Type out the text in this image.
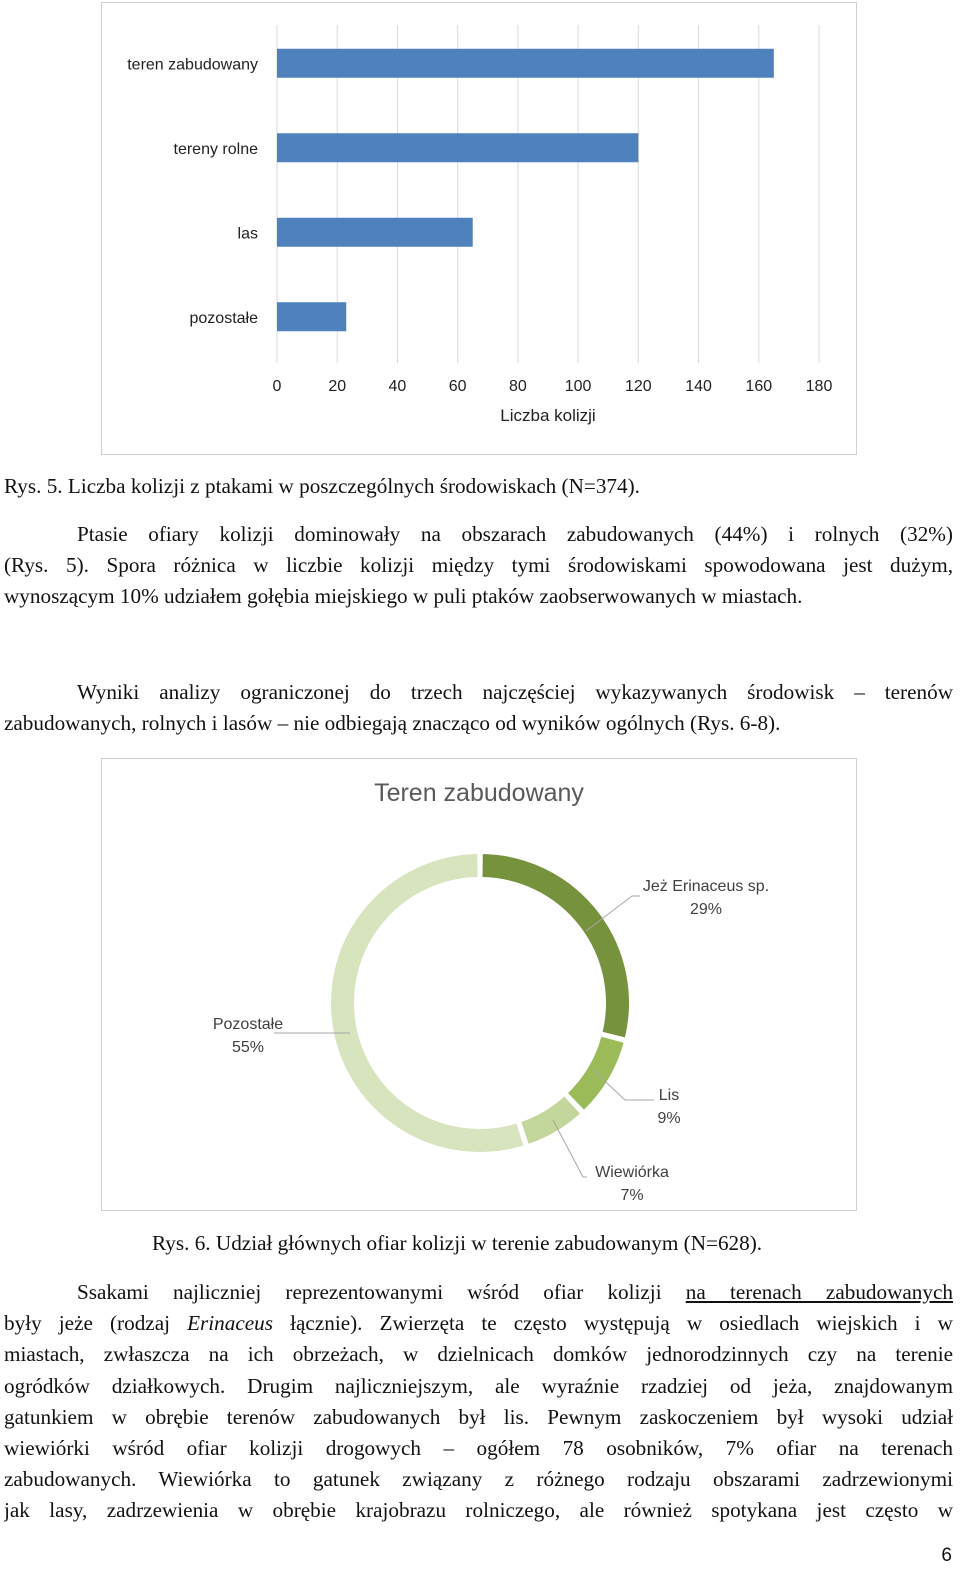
teren zabudowany
tereny rolne
las
pozostałe
0	20	40	60	80 100 120 140 160 180
Liczba kolizji

Rys. 5. Liczba kolizji z ptakami w poszczególnych środowiskach (N=374).

Ptasie ofiary kolizji dominowały na obszarach zabudowanych (44%) i rolnych (32%)
(Rys. 5). Spora różnica w liczbie kolizji między tymi środowiskami spowodowana jest dużym,
wynoszącym 10% udziałem gołębia miejskiego w puli ptaków zaobserwowanych w miastach.
Wyniki analizy ograniczonej do trzech najczęściej wykazywanych środowisk – terenów
zabudowanych, rolnych i lasów – nie odbiegają znacząco od wyników ogólnych (Rys. 6-8).
Teren zabudowany
Jeż Erinaceus sp.
29%
Lis
9%
Wiewiórka
7%
Pozostałe
55%

Rys. 6. Udział głównych ofiar kolizji w terenie zabudowanym (N=628).

Ssakami najliczniej reprezentowanymi wśród ofiar kolizji na terenach zabudowanych
były jeże (rodzaj Erinaceus łącznie). Zwierzęta te często występują w osiedlach wiejskich i w
miastach, zwłaszcza na ich obrzeżach, w dzielnicach domków jednorodzinnych czy na terenie
ogródków działkowych. Drugim najliczniejszym, ale wyraźnie rzadziej od jeża, znajdowanym
gatunkiem w obrębie terenów zabudowanych był lis. Pewnym zaskoczeniem był wysoki udział
wiewiórki wśród ofiar kolizji drogowych – ogółem 78 osobników, 7% ofiar na terenach
zabudowanych. Wiewiórka to gatunek związany z różnego rodzaju obszarami zadrzewionymi
jak lasy, zadrzewienia w obrębie krajobrazu rolniczego, ale również spotykana jest często w
6
